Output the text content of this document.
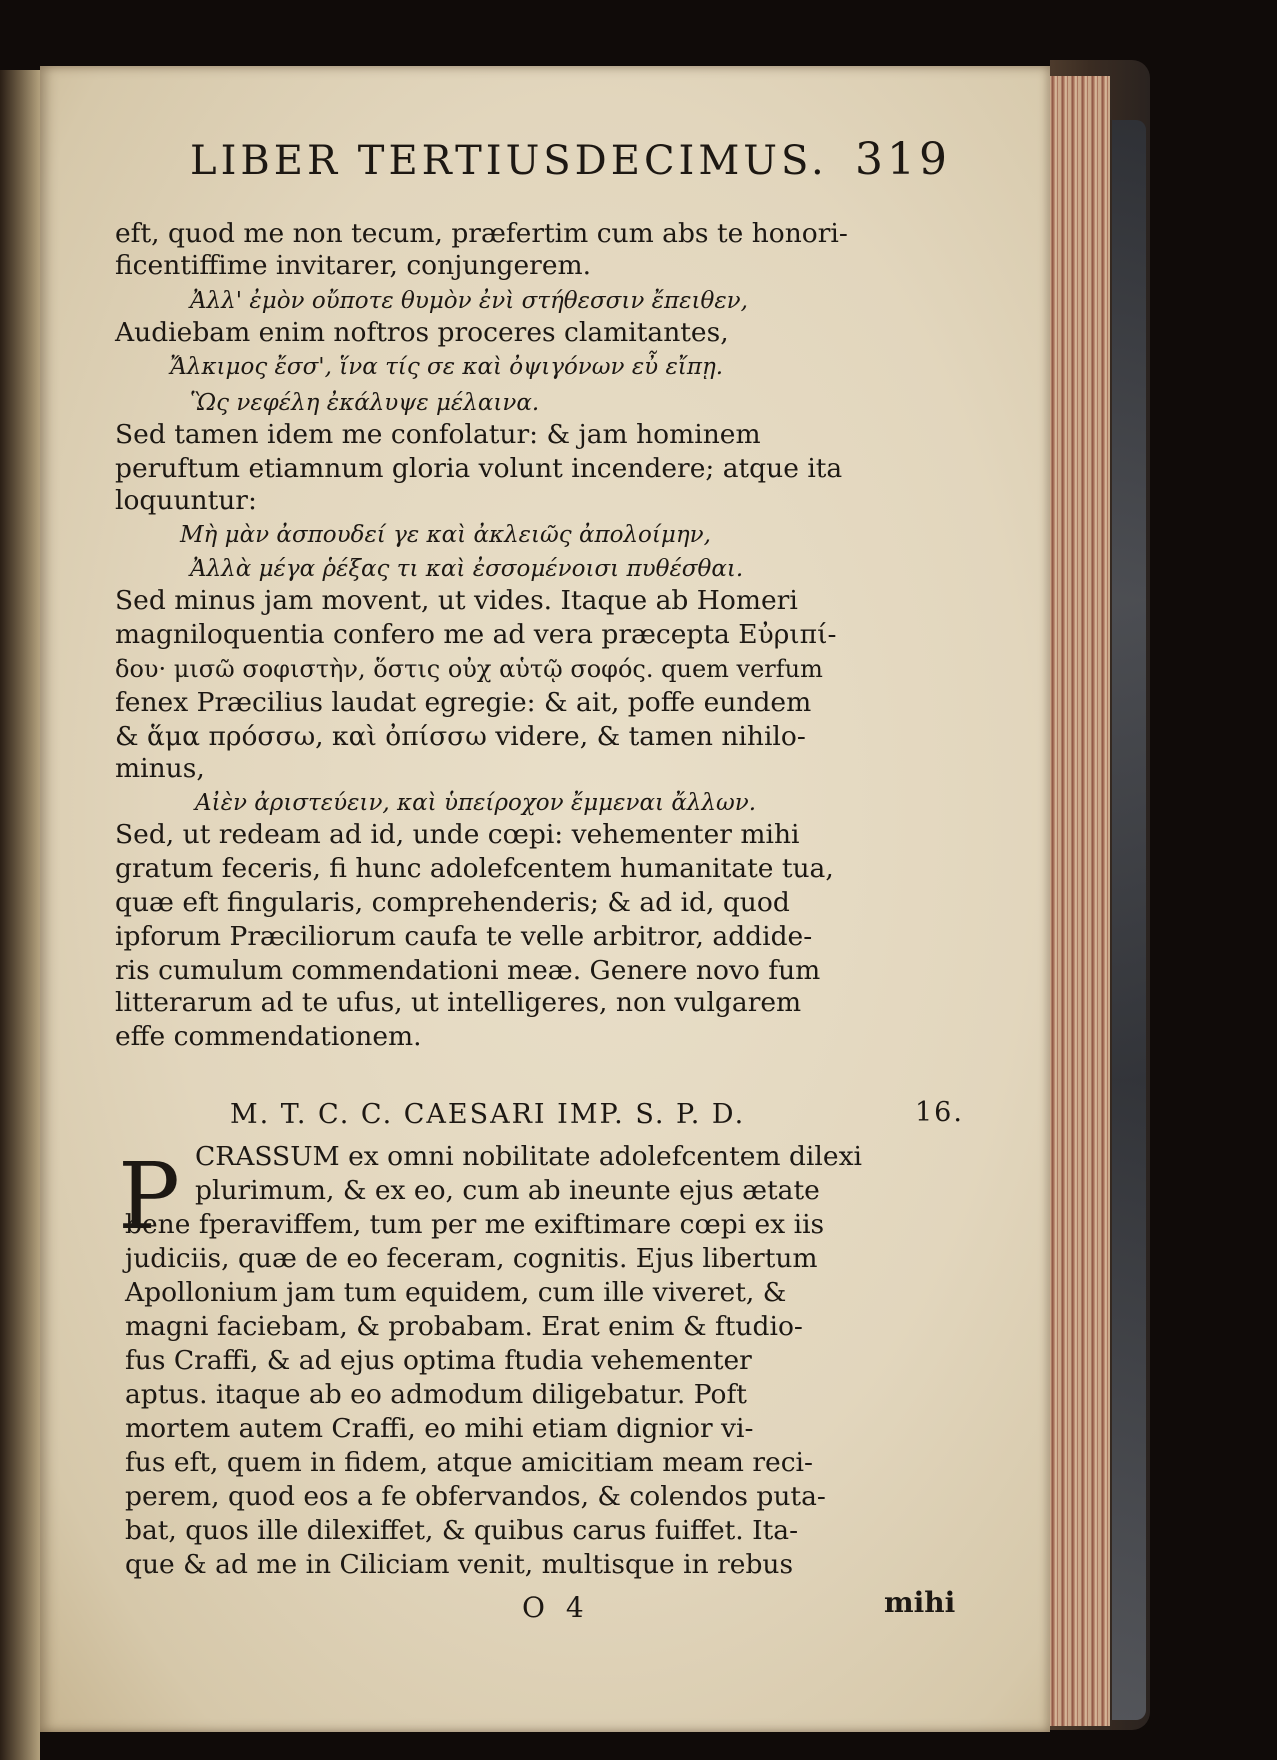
LIBER TERTIUSDECIMUS. 319
eft, quod me non tecum, præfertim cum abs te honori-
ficentiffime invitarer, conjungerem.
Ἀλλ' ἐμὸν οὔποτε θυμὸν ἐνὶ στήθεσσιν ἔπειθεν,
Audiebam enim noftros proceres clamitantes,
Ἄλκιμος ἔσσ', ἵνα τίς σε καὶ ὀψιγόνων εὖ εἴπῃ.
Ὣς νεφέλη ἐκάλυψε μέλαινα.
Sed tamen idem me confolatur: & jam hominem
peruftum etiamnum gloria volunt incendere; atque ita
loquuntur:
Μὴ μὰν ἀσπουδεί γε καὶ ἀκλειῶς ἀπολοίμην,
Ἀλλὰ μέγα ῥέξας τι καὶ ἐσσομένοισι πυθέσθαι.
Sed minus jam movent, ut vides. Itaque ab Homeri
magniloquentia confero me ad vera præcepta Εὐριπί-
δου· μισῶ σοφιστὴν, ὅστις οὐχ αὑτῷ σοφός. quem verfum
fenex Præcilius laudat egregie: & ait, poffe eundem
& ἅμα πρόσσω, καὶ ὀπίσσω videre, & tamen nihilo-
minus,
Αἰὲν ἀριστεύειν, καὶ ὑπείροχον ἔμμεναι ἄλλων.
Sed, ut redeam ad id, unde cœpi: vehementer mihi
gratum feceris, fi hunc adolefcentem humanitate tua,
quæ eft fingularis, comprehenderis; & ad id, quod
ipforum Præciliorum caufa te velle arbitror, addide-
ris cumulum commendationi meæ. Genere novo fum
litterarum ad te ufus, ut intelligeres, non vulgarem
effe commendationem.
M. T. C. C. CAESARI IMP. S. P. D.	16.
P CRASSUM ex omni nobilitate adolefcentem dilexi
plurimum, & ex eo, cum ab ineunte ejus ætate
bene fperaviffem, tum per me exiftimare cœpi ex iis
judiciis, quæ de eo feceram, cognitis. Ejus libertum
Apollonium jam tum equidem, cum ille viveret, &
magni faciebam, & probabam. Erat enim & ftudio-
fus Craffi, & ad ejus optima ftudia vehementer
aptus. itaque ab eo admodum diligebatur. Poft
mortem autem Craffi, eo mihi etiam dignior vi-
fus eft, quem in fidem, atque amicitiam meam reci-
perem, quod eos a fe obfervandos, & colendos puta-
bat, quos ille dilexiffet, & quibus carus fuiffet. Ita-
que & ad me in Ciliciam venit, multisque in rebus
O 4	mihi
